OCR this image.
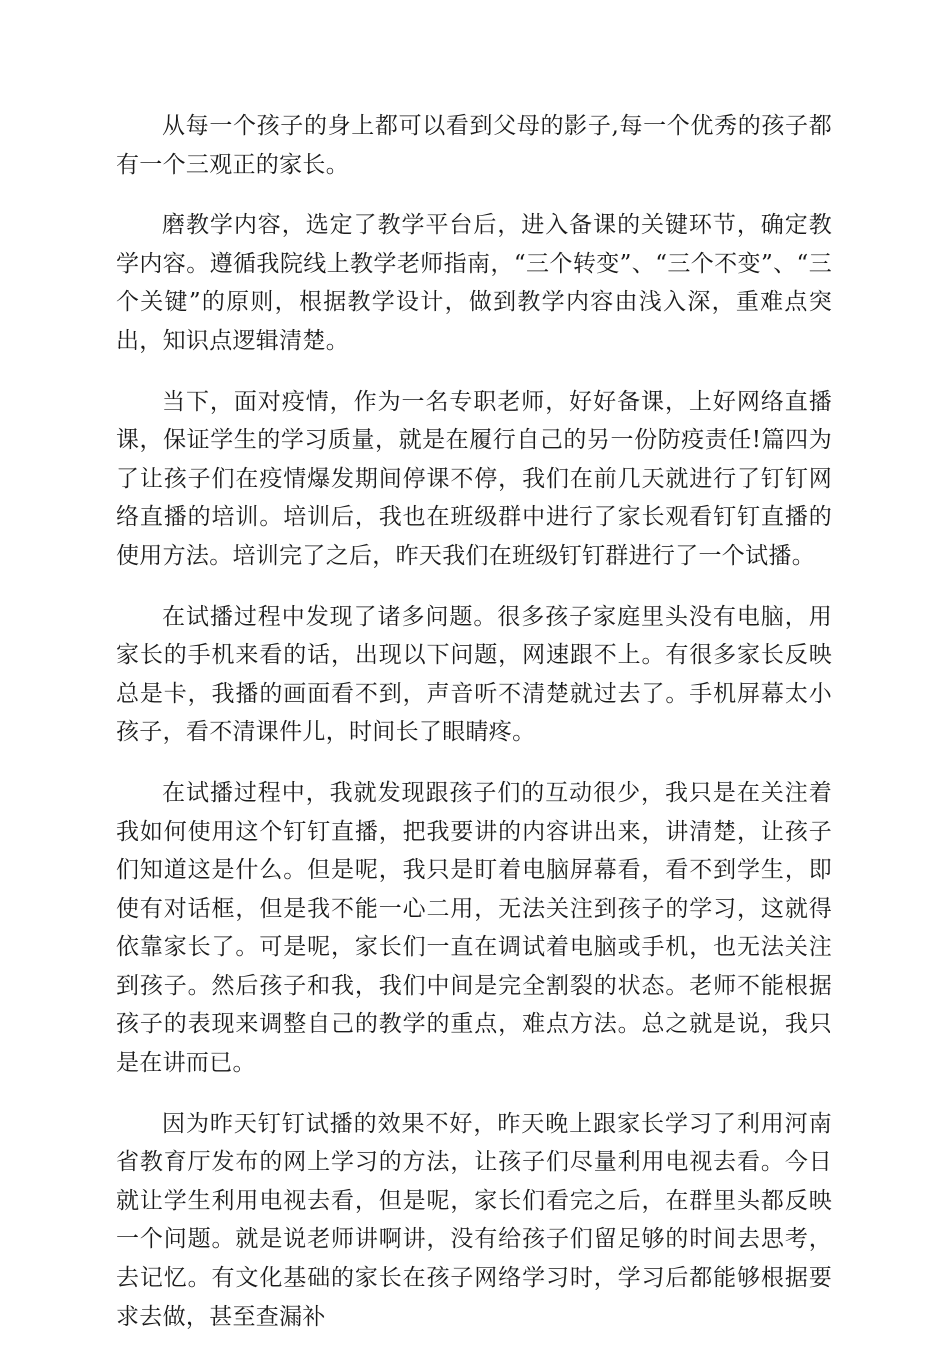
从每一个孩子的身上都可以看到父母的影子,每一个优秀的孩子都有一个三观正的家长。

磨教学内容，选定了教学平台后，进入备课的关键环节，确定教学内容。遵循我院线上教学老师指南，“三个转变”、“三个不变”、“三个关键”的原则，根据教学设计，做到教学内容由浅入深，重难点突出，知识点逻辑清楚。

当下，面对疫情，作为一名专职老师，好好备课，上好网络直播课，保证学生的学习质量，就是在履行自己的另一份防疫责任!篇四为了让孩子们在疫情爆发期间停课不停，我们在前几天就进行了钉钉网络直播的培训。培训后，我也在班级群中进行了家长观看钉钉直播的使用方法。培训完了之后，昨天我们在班级钉钉群进行了一个试播。

在试播过程中发现了诸多问题。很多孩子家庭里头没有电脑，用家长的手机来看的话，出现以下问题，网速跟不上。有很多家长反映总是卡，我播的画面看不到，声音听不清楚就过去了。手机屏幕太小孩子，看不清课件儿，时间长了眼睛疼。

在试播过程中，我就发现跟孩子们的互动很少，我只是在关注着我如何使用这个钉钉直播，把我要讲的内容讲出来，讲清楚，让孩子们知道这是什么。但是呢，我只是盯着电脑屏幕看，看不到学生，即使有对话框，但是我不能一心二用，无法关注到孩子的学习，这就得依靠家长了。可是呢，家长们一直在调试着电脑或手机，也无法关注到孩子。然后孩子和我，我们中间是完全割裂的状态。老师不能根据孩子的表现来调整自己的教学的重点，难点方法。总之就是说，我只是在讲而已。

因为昨天钉钉试播的效果不好，昨天晚上跟家长学习了利用河南省教育厅发布的网上学习的方法，让孩子们尽量利用电视去看。今日就让学生利用电视去看，但是呢，家长们看完之后，在群里头都反映一个问题。就是说老师讲啊讲，没有给孩子们留足够的时间去思考，去记忆。有文化基础的家长在孩子网络学习时，学习后都能够根据要求去做，甚至查漏补
